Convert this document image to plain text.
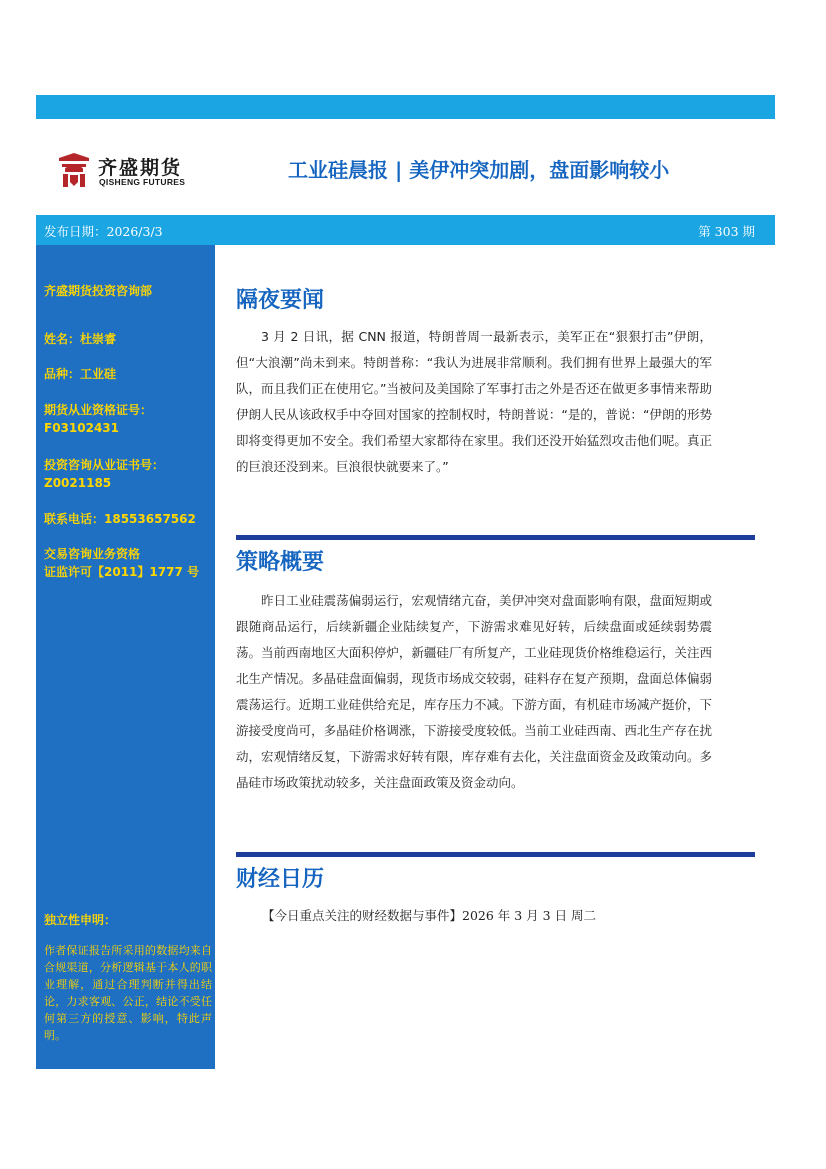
齐盛期货
QISHENG FUTURES	工业硅晨报 | 美伊冲突加剧，盘面影响较小
发布日期：2026/3/3	第 303 期
齐盛期货投资咨询部
姓名：杜崇睿
品种：工业硅
期货从业资格证号：
F03102431
投资咨询从业证书号：
Z0021185
联系电话：18553657562
交易咨询业务资格
证监许可【2011】1777 号
独立性申明：
作者保证报告所采用的数据均来自合规渠道，分析逻辑基于本人的职业理解，通过合理判断并得出结论，力求客观、公正，结论不受任何第三方的授意、影响，特此声明。
隔夜要闻
3 月 2 日讯，据 CNN 报道，特朗普周一最新表示，美军正在“狠狠打击”伊朗，但“大浪潮”尚未到来。特朗普称：“我认为进展非常顺利。我们拥有世界上最强大的军队，而且我们正在使用它。”当被问及美国除了军事打击之外是否还在做更多事情来帮助伊朗人民从该政权手中夺回对国家的控制权时，特朗普说：“是的，普说：“伊朗的形势即将变得更加不安全。我们希望大家都待在家里。我们还没开始猛烈攻击他们呢。真正的巨浪还没到来。巨浪很快就要来了。”
策略概要
昨日工业硅震荡偏弱运行，宏观情绪亢奋，美伊冲突对盘面影响有限，盘面短期或跟随商品运行，后续新疆企业陆续复产，下游需求难见好转，后续盘面或延续弱势震荡。当前西南地区大面积停炉，新疆硅厂有所复产，工业硅现货价格维稳运行，关注西北生产情况。多晶硅盘面偏弱，现货市场成交较弱，硅料存在复产预期，盘面总体偏弱震荡运行。近期工业硅供给充足，库存压力不减。下游方面，有机硅市场减产挺价，下游接受度尚可，多晶硅价格调涨，下游接受度较低。当前工业硅西南、西北生产存在扰动，宏观情绪反复，下游需求好转有限，库存难有去化，关注盘面资金及政策动向。多晶硅市场政策扰动较多，关注盘面政策及资金动向。
财经日历
【今日重点关注的财经数据与事件】2026 年 3 月 3 日 周二
